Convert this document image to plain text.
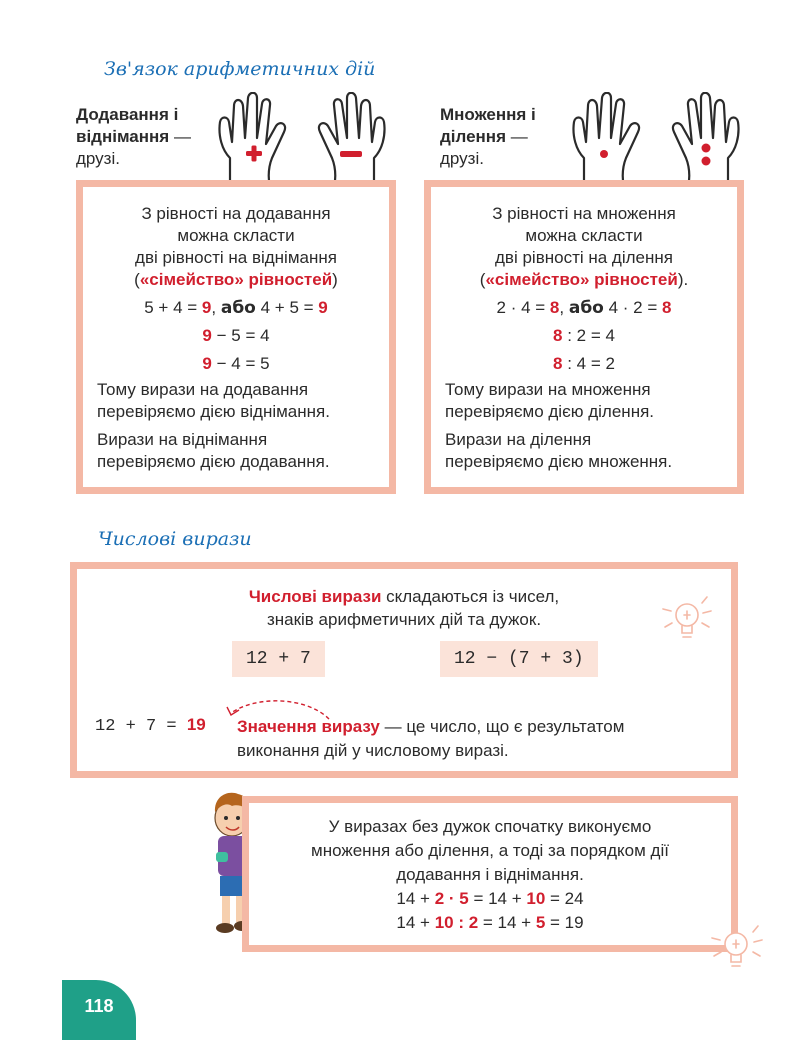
Зв'язок арифметичних дій
Додавання і віднімання —
друзі.
З рівності на додавання
можна скласти
дві рівності на віднімання
(«сімейство» рівностей)
5 + 4 = 9, або 4 + 5 = 9
9 − 5 = 4
9 − 4 = 5
Тому вирази на додавання
перевіряємо дією віднімання.
Вирази на віднімання
перевіряємо дією додавання.
Множення і ділення —
друзі.
З рівності на множення
можна скласти
дві рівності на ділення
(«сімейство» рівностей).
2 · 4 = 8, або 4 · 2 = 8
8 : 2 = 4
8 : 4 = 2
Тому вирази на множення
перевіряємо дією ділення.
Вирази на ділення
перевіряємо дією множення.
Числові вирази
Числові вирази складаються із чисел,
знаків арифметичних дій та дужок.
12 + 7	12 − (7 + 3)
12 + 7 = 19 Значення виразу — це число, що є результатом
виконання дій у числовому виразі.
У виразах без дужок спочатку виконуємо
множення або ділення, а тоді за порядком дії
додавання і віднімання.
14 + 2 · 5 = 14 + 10 = 24
14 + 10 : 2 = 14 + 5 = 19
118
